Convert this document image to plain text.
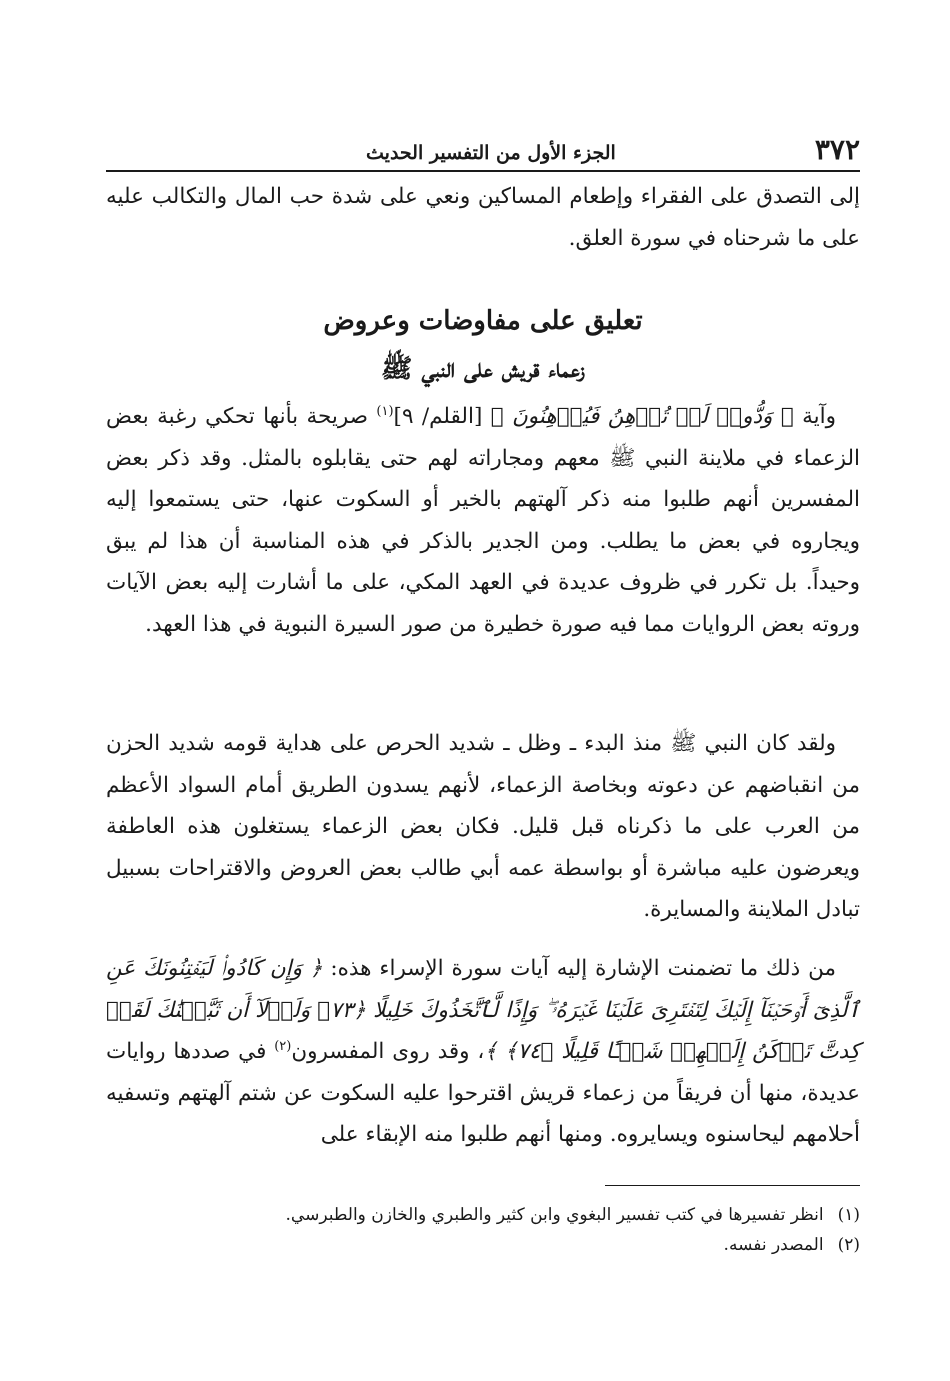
٣٧٢
الجزء الأول من التفسير الحديث

إلى التصدق على الفقراء وإطعام المساكين ونعي على شدة حب المال والتكالب عليه على ما شرحناه في سورة العلق.

تعليق على مفاوضات وعروض
زعماء قريش على النبي ﷺ

وآية ﴿ وَدُّوا۟ لَوۡ تُدۡهِنُ فَيُدۡهِنُونَ ﴾ [القلم/ ٩]$^{(١)}$ صريحة بأنها تحكي رغبة بعض الزعماء في ملاينة النبي ﷺ معهم ومجاراته لهم حتى يقابلوه بالمثل. وقد ذكر بعض المفسرين أنهم طلبوا منه ذكر آلهتهم بالخير أو السكوت عنها، حتى يستمعوا إليه ويجاروه في بعض ما يطلب. ومن الجدير بالذكر في هذه المناسبة أن هذا لم يبق وحيداً. بل تكرر في ظروف عديدة في العهد المكي، على ما أشارت إليه بعض الآيات وروته بعض الروايات مما فيه صورة خطيرة من صور السيرة النبوية في هذا العهد.

ولقد كان النبي ﷺ منذ البدء ـ وظل ـ شديد الحرص على هداية قومه شديد الحزن من انقباضهم عن دعوته وبخاصة الزعماء، لأنهم يسدون الطريق أمام السواد الأعظم من العرب على ما ذكرناه قبل قليل. فكان بعض الزعماء يستغلون هذه العاطفة ويعرضون عليه مباشرة أو بواسطة عمه أبي طالب بعض العروض والاقتراحات بسبيل تبادل الملاينة والمسايرة.

من ذلك ما تضمنت الإشارة إليه آيات سورة الإسراء هذه: ﴿ وَإِن كَادُوا۟ لَيَفۡتِنُونَكَ عَنِ ٱلَّذِىٓ أَوۡحَيۡنَآ إِلَيۡكَ لِتَفۡتَرِىَ عَلَيۡنَا غَيۡرَهُۥ ۖ وَإِذًا لَّٱتَّخَذُوكَ خَلِيلًا ﴿٧٣﴾ وَلَوۡلَآ أَن ثَبَّتۡنَٰكَ لَقَدۡ كِدتَّ تَرۡكَنُ إِلَيۡهِمۡ شَيۡـًٔا قَلِيلًا ﴿٧٤﴾ ﴾، وقد روى المفسرون$^{(٢)}$ في صددها روايات عديدة، منها أن فريقاً من زعماء قريش اقترحوا عليه السكوت عن شتم آلهتهم وتسفيه أحلامهم ليحاسنوه ويسايروه. ومنها أنهم طلبوا منه الإبقاء على

(١)انظر تفسيرها في كتب تفسير البغوي وابن كثير والطبري والخازن والطبرسي.

(٢)المصدر نفسه.
